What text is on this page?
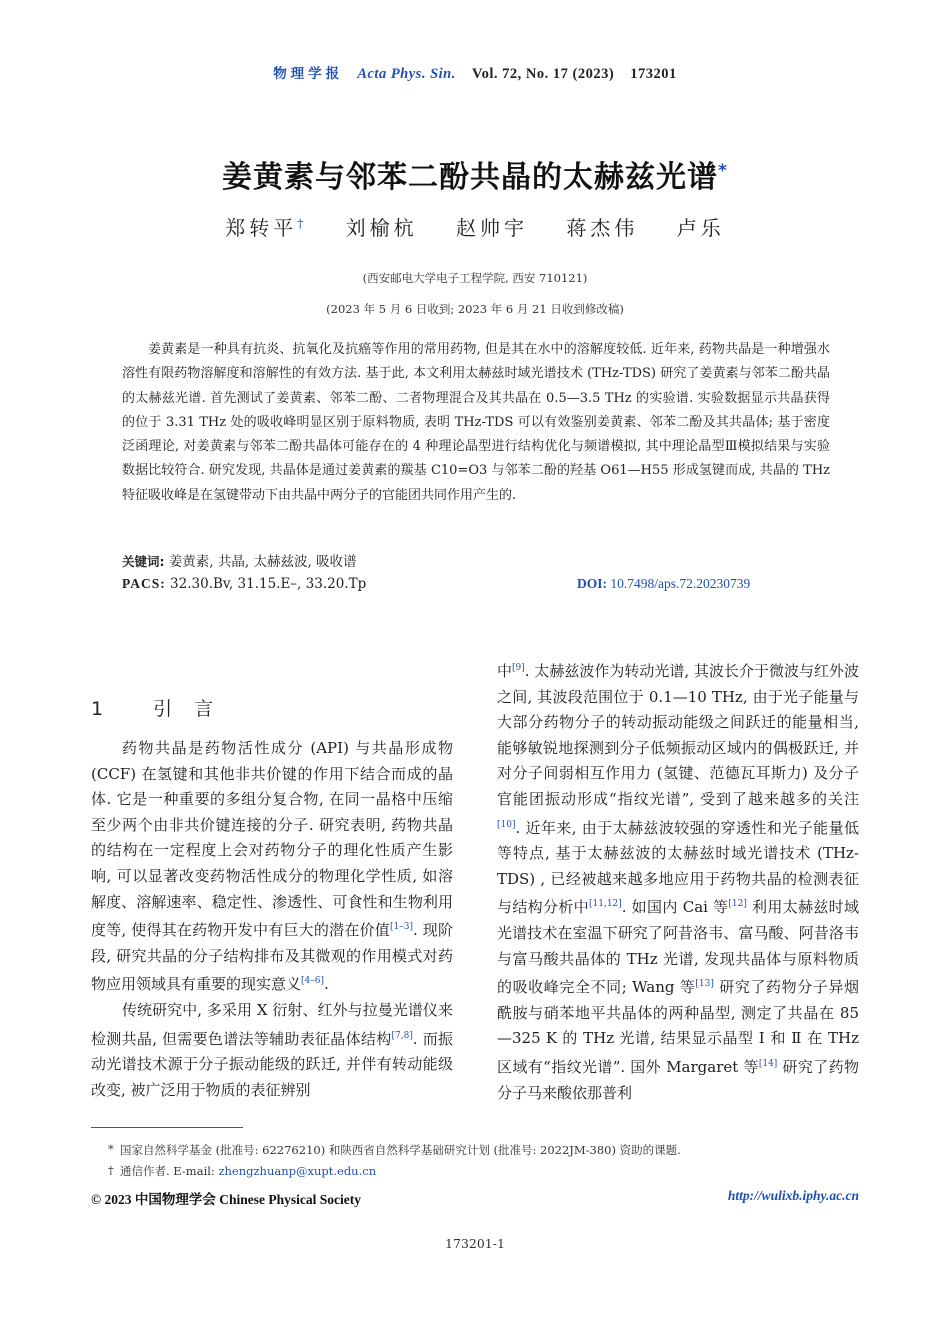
物理学报 Acta Phys. Sin. Vol. 72, No. 17 (2023) 173201
姜黄素与邻苯二酚共晶的太赫兹光谱*
郑转平† 刘榆杭 赵帅宇 蒋杰伟 卢乐
(西安邮电大学电子工程学院, 西安 710121)
(2023 年 5 月 6 日收到; 2023 年 6 月 21 日收到修改稿)
姜黄素是一种具有抗炎、抗氧化及抗癌等作用的常用药物, 但是其在水中的溶解度较低. 近年来, 药物共晶是一种增强水溶性有限药物溶解度和溶解性的有效方法. 基于此, 本文利用太赫兹时域光谱技术 (THz-TDS) 研究了姜黄素与邻苯二酚共晶的太赫兹光谱. 首先测试了姜黄素、邻苯二酚、二者物理混合及其共晶在 0.5—3.5 THz 的实验谱. 实验数据显示共晶获得的位于 3.31 THz 处的吸收峰明显区别于原料物质, 表明 THz-TDS 可以有效鉴别姜黄素、邻苯二酚及其共晶体; 基于密度泛函理论, 对姜黄素与邻苯二酚共晶体可能存在的 4 种理论晶型进行结构优化与频谱模拟, 其中理论晶型Ⅲ模拟结果与实验数据比较符合. 研究发现, 共晶体是通过姜黄素的羰基 C10=O3 与邻苯二酚的羟基 O61—H55 形成氢键而成, 共晶的 THz 特征吸收峰是在氢键带动下由共晶中两分子的官能团共同作用产生的.
关键词: 姜黄素, 共晶, 太赫兹波, 吸收谱
PACS: 32.30.Bv, 31.15.E–, 33.20.Tp	DOI: 10.7498/aps.72.20230739
1 引言

药物共晶是药物活性成分 (API) 与共晶形成物 (CCF) 在氢键和其他非共价键的作用下结合而成的晶体. 它是一种重要的多组分复合物, 在同一晶格中压缩至少两个由非共价键连接的分子. 研究表明, 药物共晶的结构在一定程度上会对药物分子的理化性质产生影响, 可以显著改变药物活性成分的物理化学性质, 如溶解度、溶解速率、稳定性、渗透性、可食性和生物利用度等, 使得其在药物开发中有巨大的潜在价值[1–3]. 现阶段, 研究共晶的分子结构排布及其微观的作用模式对药物应用领域具有重要的现实意义[4–6].

传统研究中, 多采用 X 衍射、红外与拉曼光谱仪来检测共晶, 但需要色谱法等辅助表征晶体结构[7,8]. 而振动光谱技术源于分子振动能级的跃迁, 并伴有转动能级改变, 被广泛用于物质的表征辨别

中[9]. 太赫兹波作为转动光谱, 其波长介于微波与红外波之间, 其波段范围位于 0.1—10 THz, 由于光子能量与大部分药物分子的转动振动能级之间跃迁的能量相当, 能够敏锐地探测到分子低频振动区域内的偶极跃迁, 并对分子间弱相互作用力 (氢键、范德瓦耳斯力) 及分子官能团振动形成“指纹光谱”, 受到了越来越多的关注[10]. 近年来, 由于太赫兹波较强的穿透性和光子能量低等特点, 基于太赫兹波的太赫兹时域光谱技术 (THz-TDS) , 已经被越来越多地应用于药物共晶的检测表征与结构分析中[11,12]. 如国内 Cai 等[12] 利用太赫兹时域光谱技术在室温下研究了阿昔洛韦、富马酸、阿昔洛韦与富马酸共晶体的 THz 光谱, 发现共晶体与原料物质的吸收峰完全不同; Wang 等[13] 研究了药物分子异烟酰胺与硝苯地平共晶体的两种晶型, 测定了共晶在 85—325 K 的 THz 光谱, 结果显示晶型 Ⅰ 和 Ⅱ 在 THz 区域有“指纹光谱”. 国外 Margaret 等[14] 研究了药物分子马来酸依那普利

* 国家自然科学基金 (批准号: 62276210) 和陕西省自然科学基础研究计划 (批准号: 2022JM-380) 资助的课题.
† 通信作者. E-mail: zhengzhuanp@xupt.edu.cn
© 2023 中国物理学会 Chinese Physical Society	http://wulixb.iphy.ac.cn
173201-1
